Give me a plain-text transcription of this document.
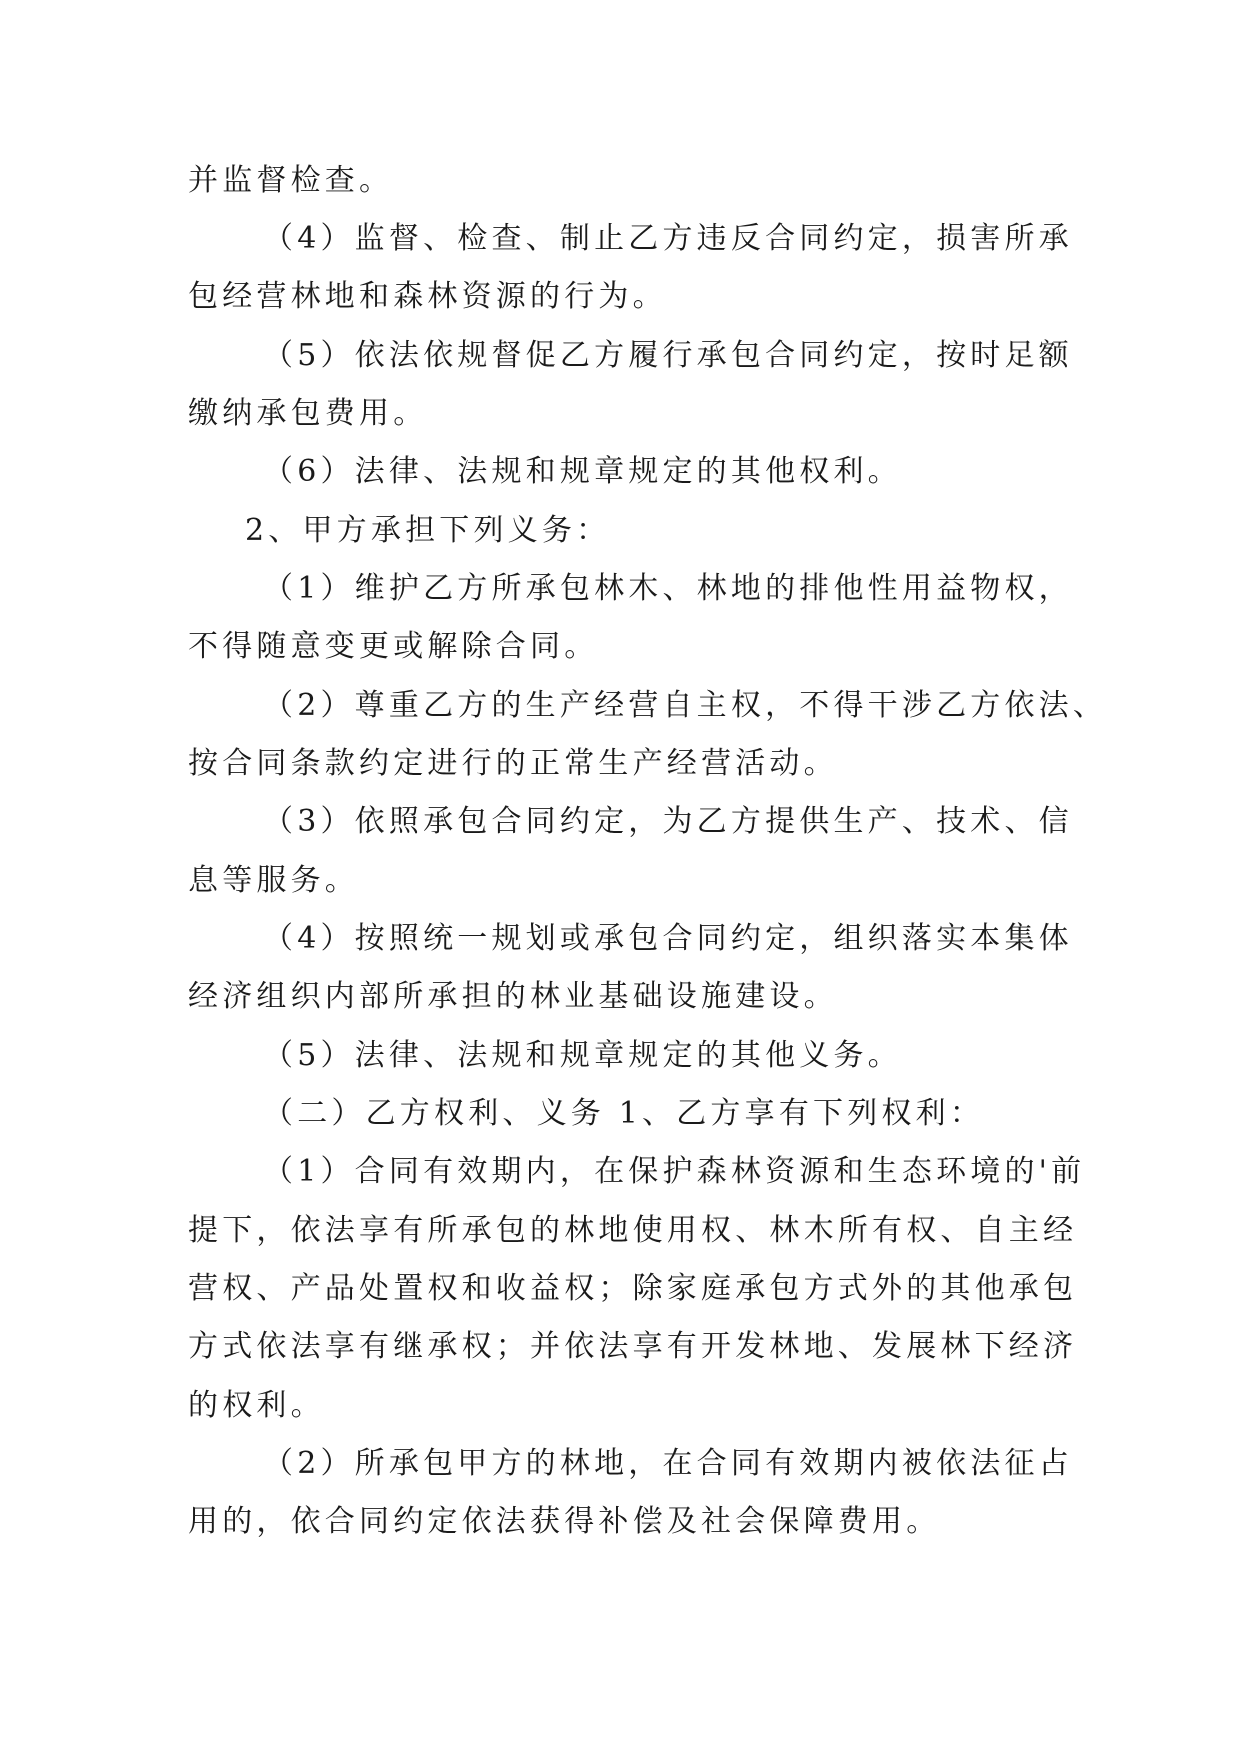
并监督检查。

（4）监督、检查、制止乙方违反合同约定，损害所承

包经营林地和森林资源的行为。

（5）依法依规督促乙方履行承包合同约定，按时足额

缴纳承包费用。

（6）法律、法规和规章规定的其他权利。

2、甲方承担下列义务：

（1）维护乙方所承包林木、林地的排他性用益物权，

不得随意变更或解除合同。

（2）尊重乙方的生产经营自主权，不得干涉乙方依法、

按合同条款约定进行的正常生产经营活动。

（3）依照承包合同约定，为乙方提供生产、技术、信

息等服务。

（4）按照统一规划或承包合同约定，组织落实本集体

经济组织内部所承担的林业基础设施建设。

（5）法律、法规和规章规定的其他义务。

（二）乙方权利、义务 1、乙方享有下列权利：

（1）合同有效期内，在保护森林资源和生态环境的'前

提下，依法享有所承包的林地使用权、林木所有权、自主经

营权、产品处置权和收益权；除家庭承包方式外的其他承包

方式依法享有继承权；并依法享有开发林地、发展林下经济

的权利。

（2）所承包甲方的林地，在合同有效期内被依法征占

用的，依合同约定依法获得补偿及社会保障费用。
